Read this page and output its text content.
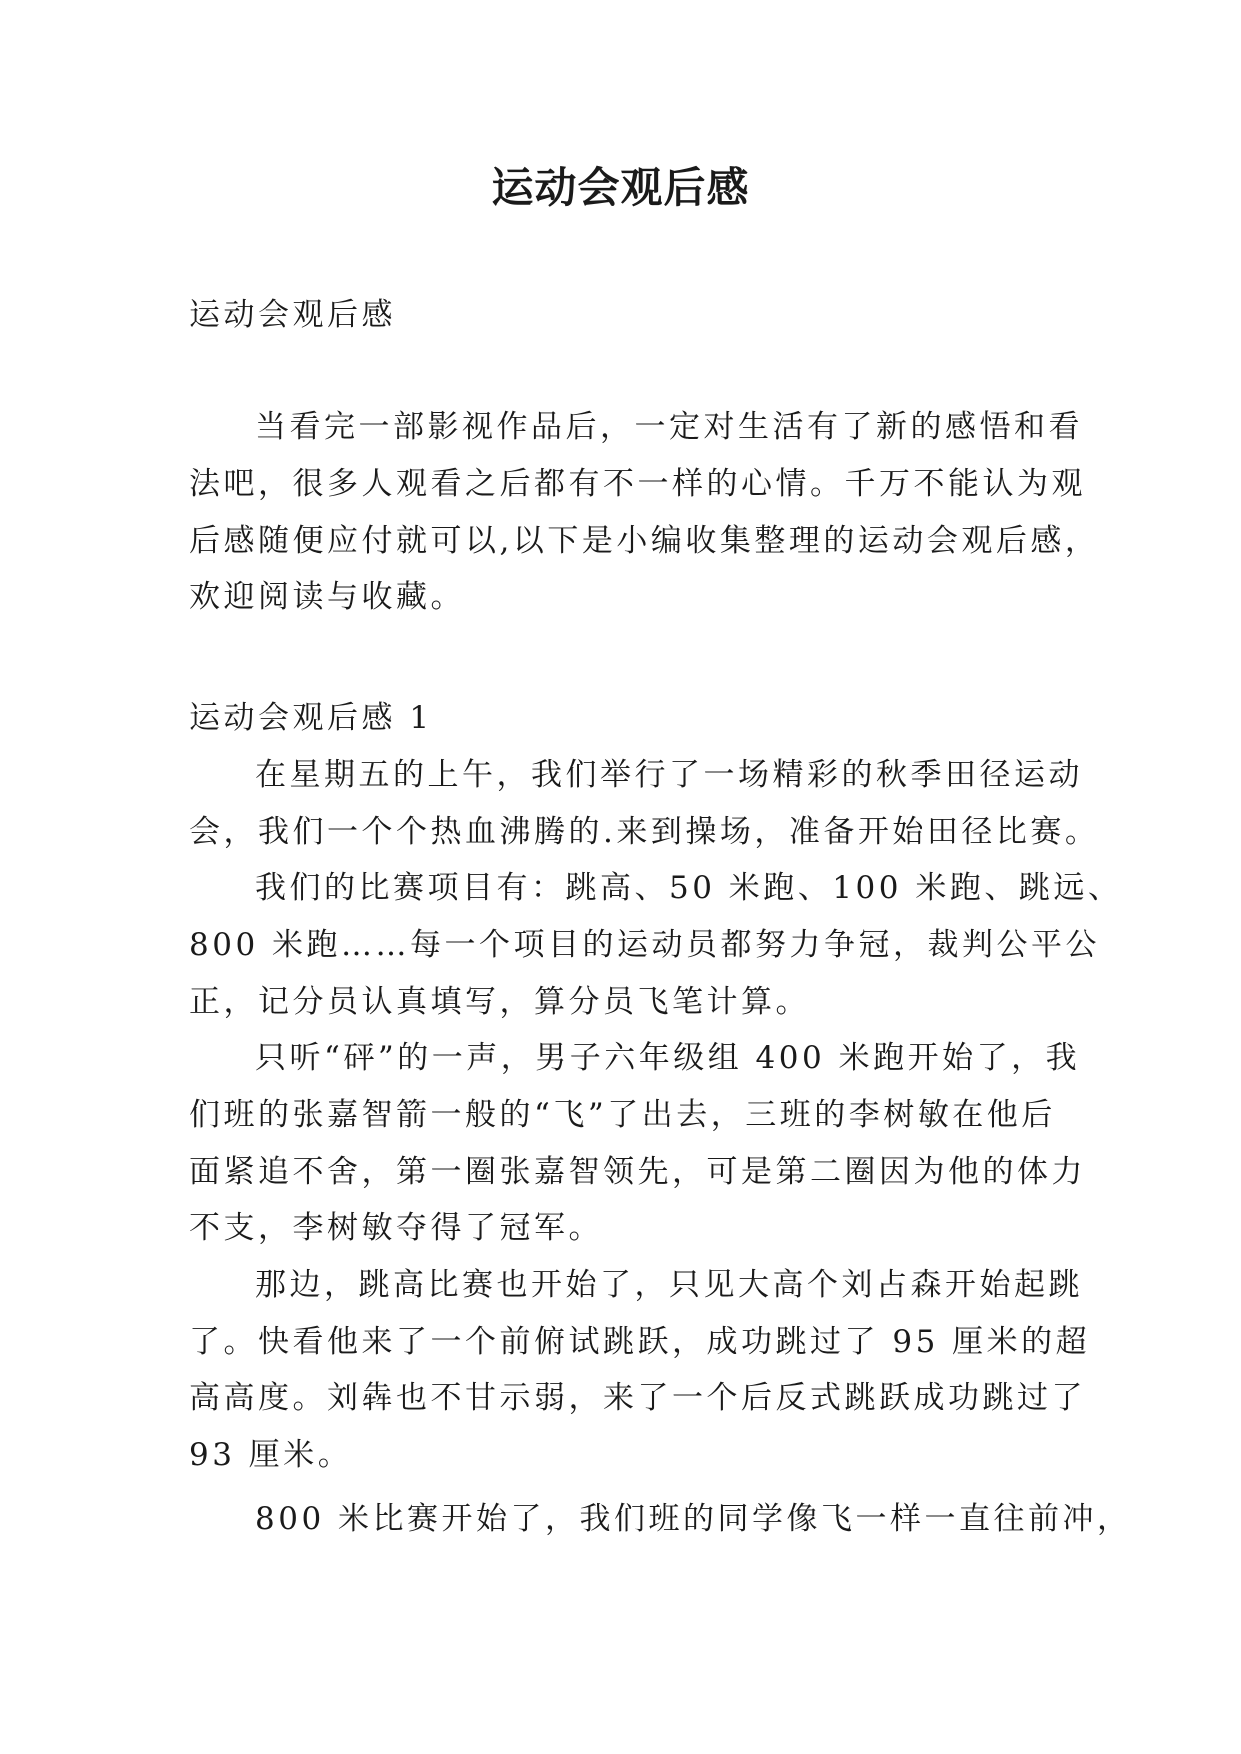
运动会观后感
运动会观后感
当看完一部影视作品后，一定对生活有了新的感悟和看
法吧，很多人观看之后都有不一样的心情。千万不能认为观
后感随便应付就可以,以下是小编收集整理的运动会观后感，
欢迎阅读与收藏。
运动会观后感 1
在星期五的上午，我们举行了一场精彩的秋季田径运动
会，我们一个个热血沸腾的.来到操场，准备开始田径比赛。
我们的比赛项目有：跳高、50 米跑、100 米跑、跳远、
800 米跑……每一个项目的运动员都努力争冠，裁判公平公
正，记分员认真填写，算分员飞笔计算。
只听“砰”的一声，男子六年级组 400 米跑开始了，我
们班的张嘉智箭一般的“飞”了出去，三班的李树敏在他后
面紧追不舍，第一圈张嘉智领先，可是第二圈因为他的体力
不支，李树敏夺得了冠军。
那边，跳高比赛也开始了，只见大高个刘占森开始起跳
了。快看他来了一个前俯试跳跃，成功跳过了 95 厘米的超
高高度。刘犇也不甘示弱，来了一个后反式跳跃成功跳过了
93 厘米。
800 米比赛开始了，我们班的同学像飞一样一直往前冲，
